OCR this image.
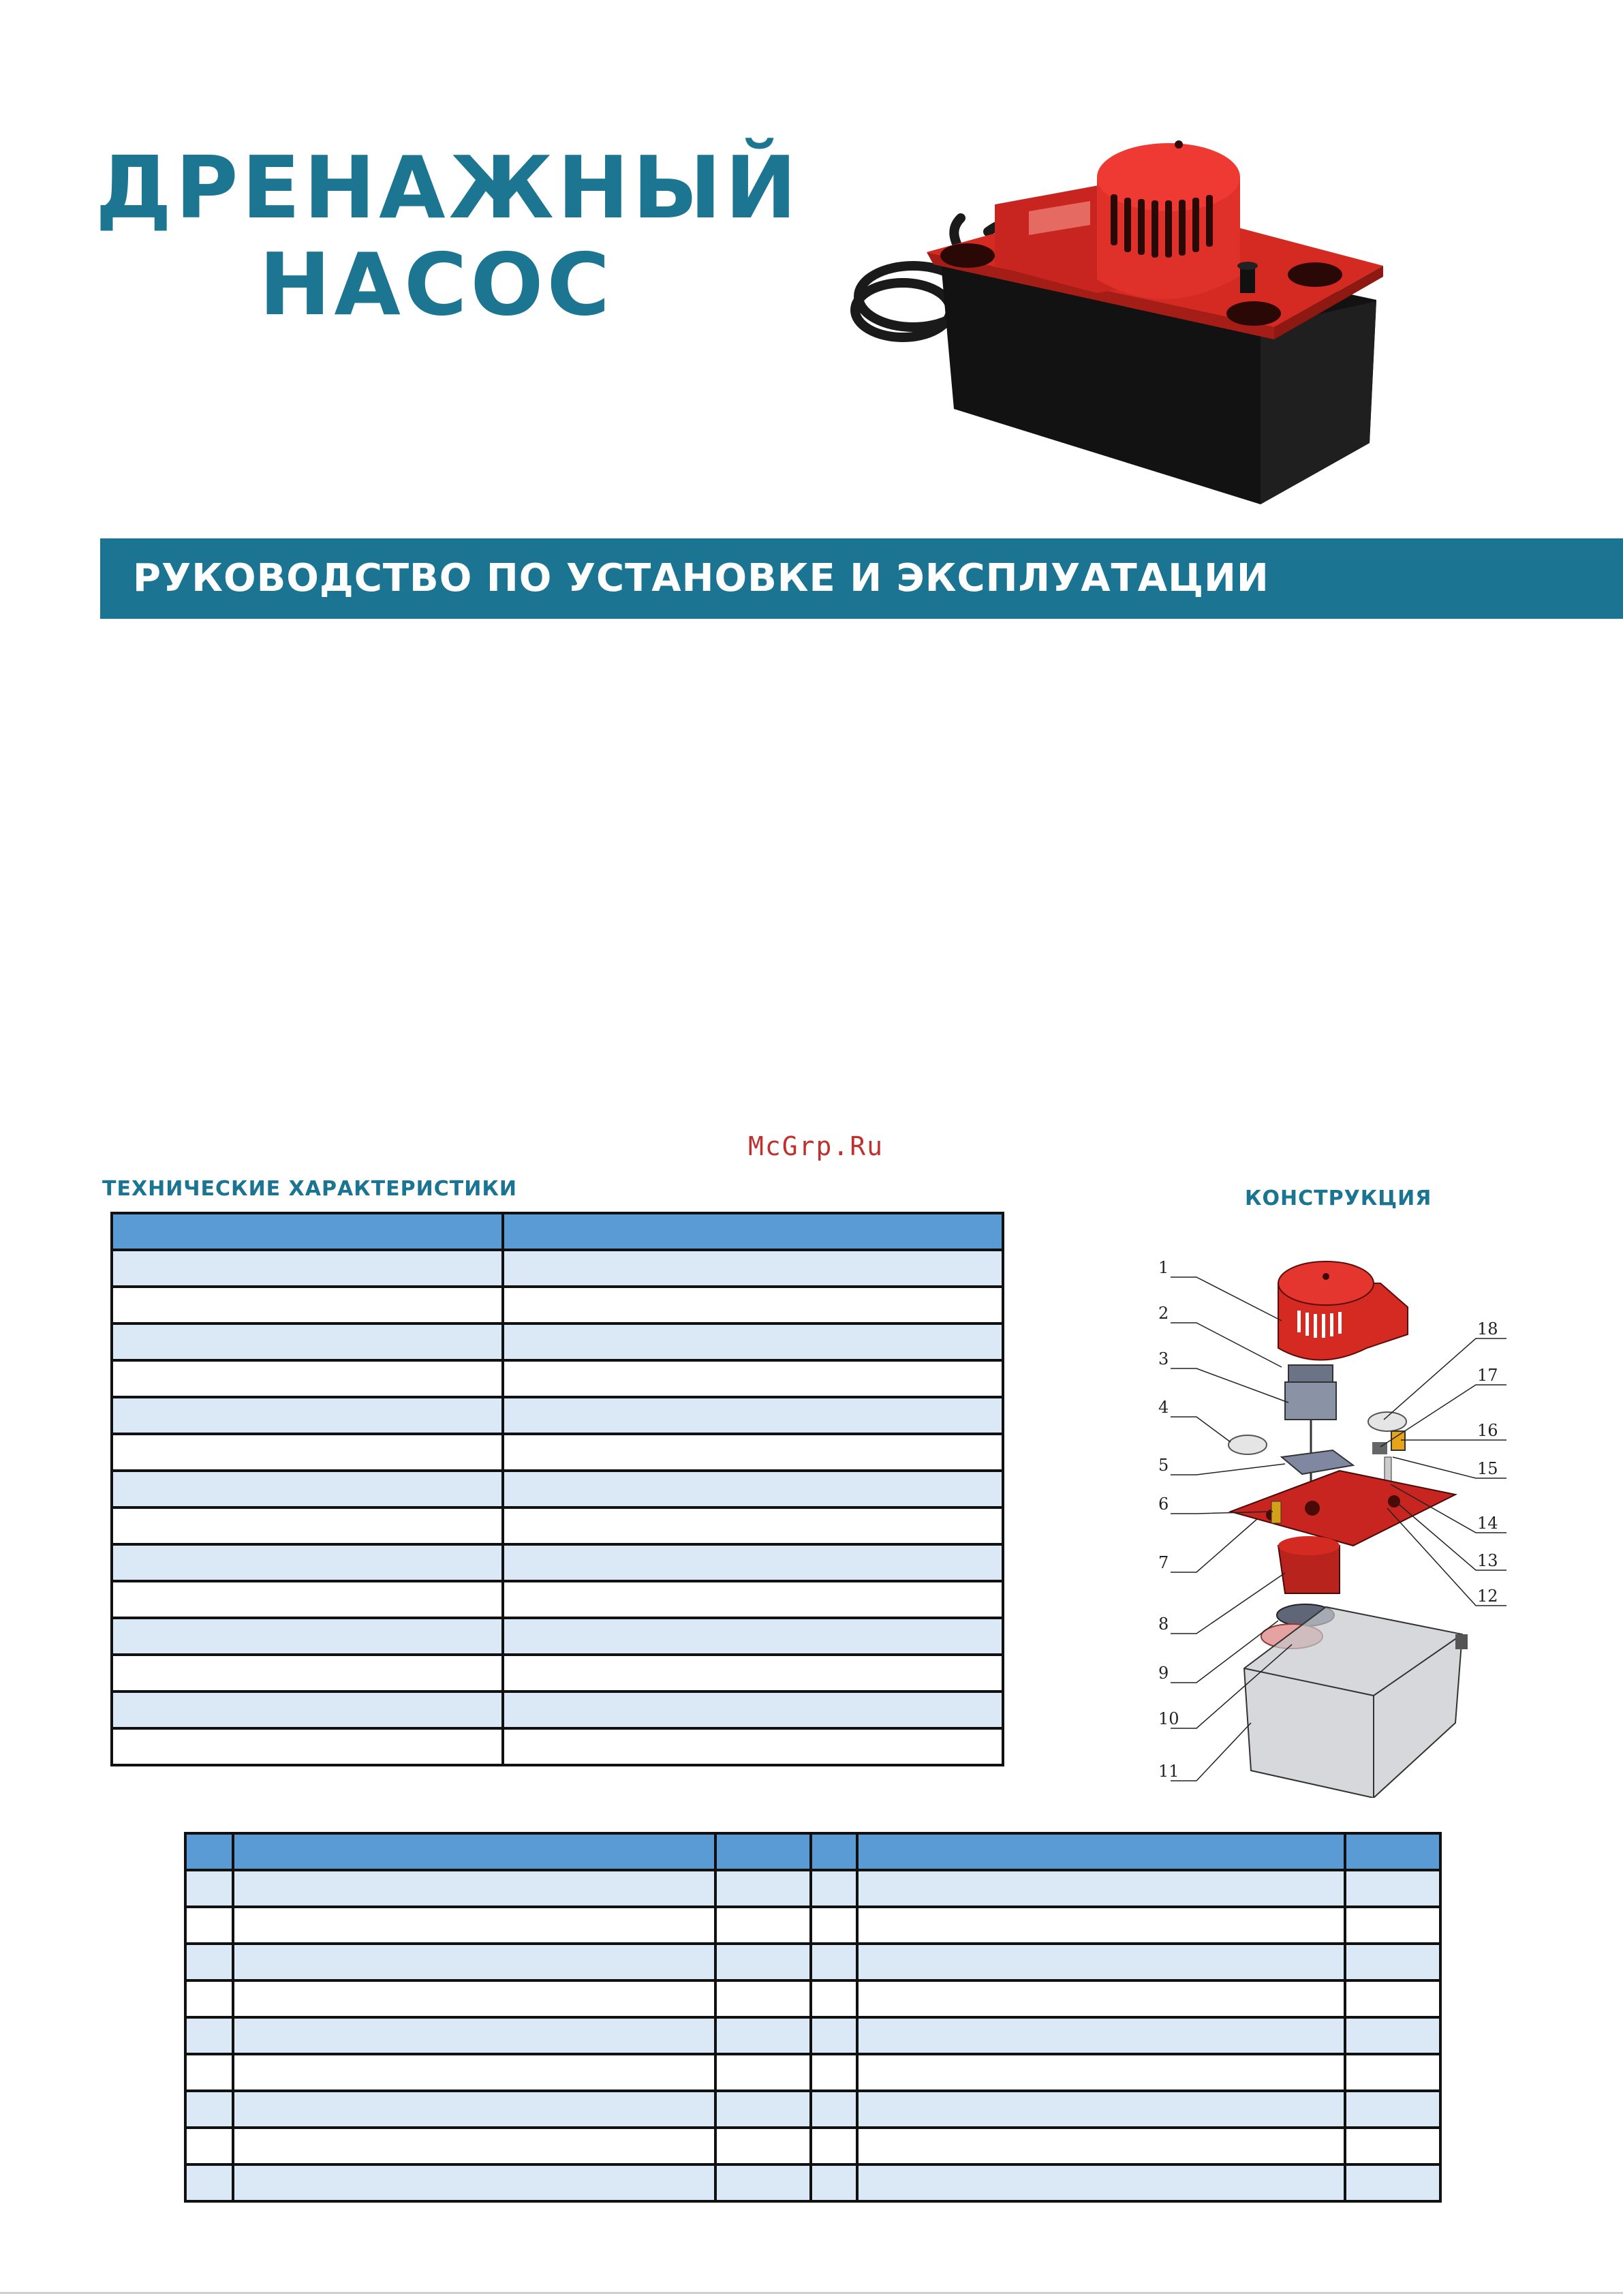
ДРЕНАЖНЫЙ
НАСОС
РУКОВОДСТВО ПО УСТАНОВКЕ И ЭКСПЛУАТАЦИИ
McGrp.Ru
ТЕХНИЧЕСКИЕ ХАРАКТЕРИСТИКИ	КОНСТРУКЦИЯ

1
2
3
4
5
6
7
8
9
10
11
12
13
14
15
16
17
18
